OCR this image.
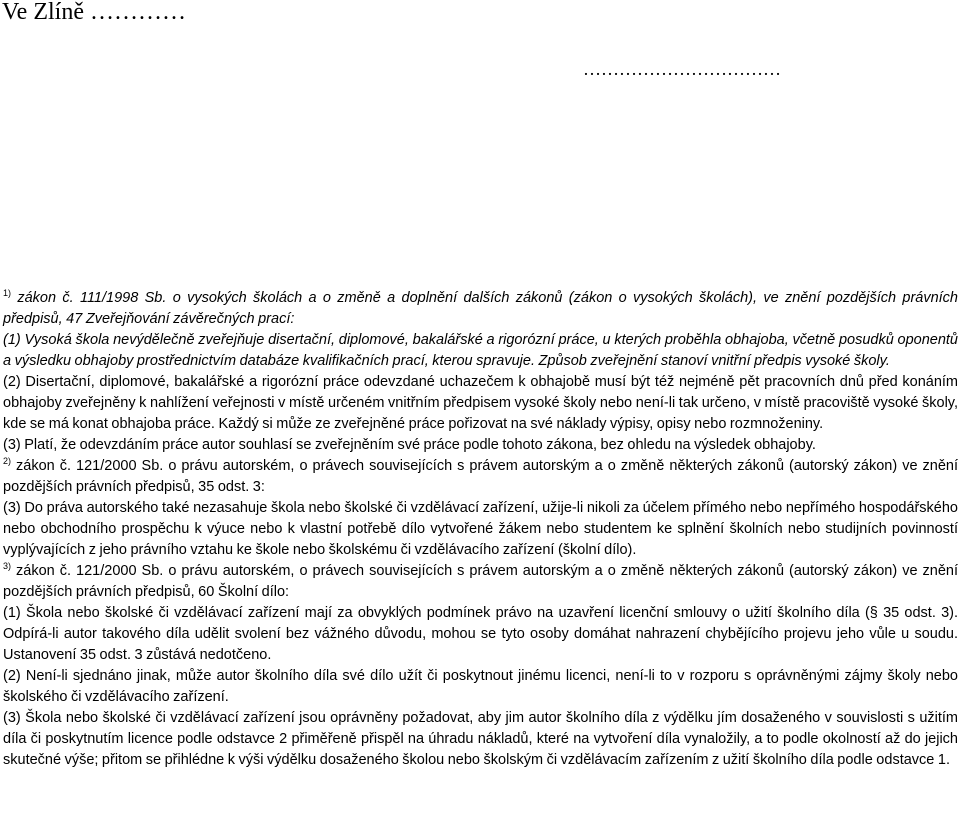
Ve Zlíně …………
……………………………

$^{1)}$ zákon č. 111/1998 Sb. o vysokých školách a o změně a doplnění dalších zákonů (zákon o vysokých školách), ve znění pozdějších právních předpisů, 47 Zveřejňování závěrečných prací:

(1) Vysoká škola nevýdělečně zveřejňuje disertační, diplomové, bakalářské a rigorózní práce, u kterých proběhla obhajoba, včetně posudků oponentů a výsledku obhajoby prostřednictvím databáze kvalifikačních prací, kterou spravuje. Způsob zveřejnění stanoví vnitřní předpis vysoké školy.

(2) Disertační, diplomové, bakalářské a rigorózní práce odevzdané uchazečem k obhajobě musí být též nejméně pět pracovních dnů před konáním obhajoby zveřejněny k nahlížení veřejnosti v místě určeném vnitřním předpisem vysoké školy nebo není-li tak určeno, v místě pracoviště vysoké školy, kde se má konat obhajoba práce. Každý si může ze zveřejněné práce pořizovat na své náklady výpisy, opisy nebo rozmnoženiny.

(3) Platí, že odevzdáním práce autor souhlasí se zveřejněním své práce podle tohoto zákona, bez ohledu na výsledek obhajoby.

$^{2)}$ zákon č. 121/2000 Sb. o právu autorském, o právech souvisejících s právem autorským a o změně některých zákonů (autorský zákon) ve znění pozdějších právních předpisů, 35 odst. 3:

(3) Do práva autorského také nezasahuje škola nebo školské či vzdělávací zařízení, užije-li nikoli za účelem přímého nebo nepřímého hospodářského nebo obchodního prospěchu k výuce nebo k vlastní potřebě dílo vytvořené žákem nebo studentem ke splnění školních nebo studijních povinností vyplývajících z jeho právního vztahu ke škole nebo školskému či vzdělávacího zařízení (školní dílo).

$^{3)}$ zákon č. 121/2000 Sb. o právu autorském, o právech souvisejících s právem autorským a o změně některých zákonů (autorský zákon) ve znění pozdějších právních předpisů, 60 Školní dílo:

(1) Škola nebo školské či vzdělávací zařízení mají za obvyklých podmínek právo na uzavření licenční smlouvy o užití školního díla (§ 35 odst. 3). Odpírá-li autor takového díla udělit svolení bez vážného důvodu, mohou se tyto osoby domáhat nahrazení chybějícího projevu jeho vůle u soudu. Ustanovení 35 odst. 3 zůstává nedotčeno.

(2) Není-li sjednáno jinak, může autor školního díla své dílo užít či poskytnout jinému licenci, není-li to v rozporu s oprávněnými zájmy školy nebo školského či vzdělávacího zařízení.

(3) Škola nebo školské či vzdělávací zařízení jsou oprávněny požadovat, aby jim autor školního díla z výdělku jím dosaženého v souvislosti s užitím díla či poskytnutím licence podle odstavce 2 přiměřeně přispěl na úhradu nákladů, které na vytvoření díla vynaložily, a to podle okolností až do jejich skutečné výše; přitom se přihlédne k výši výdělku dosaženého školou nebo školským či vzdělávacím zařízením z užití školního díla podle odstavce 1.
